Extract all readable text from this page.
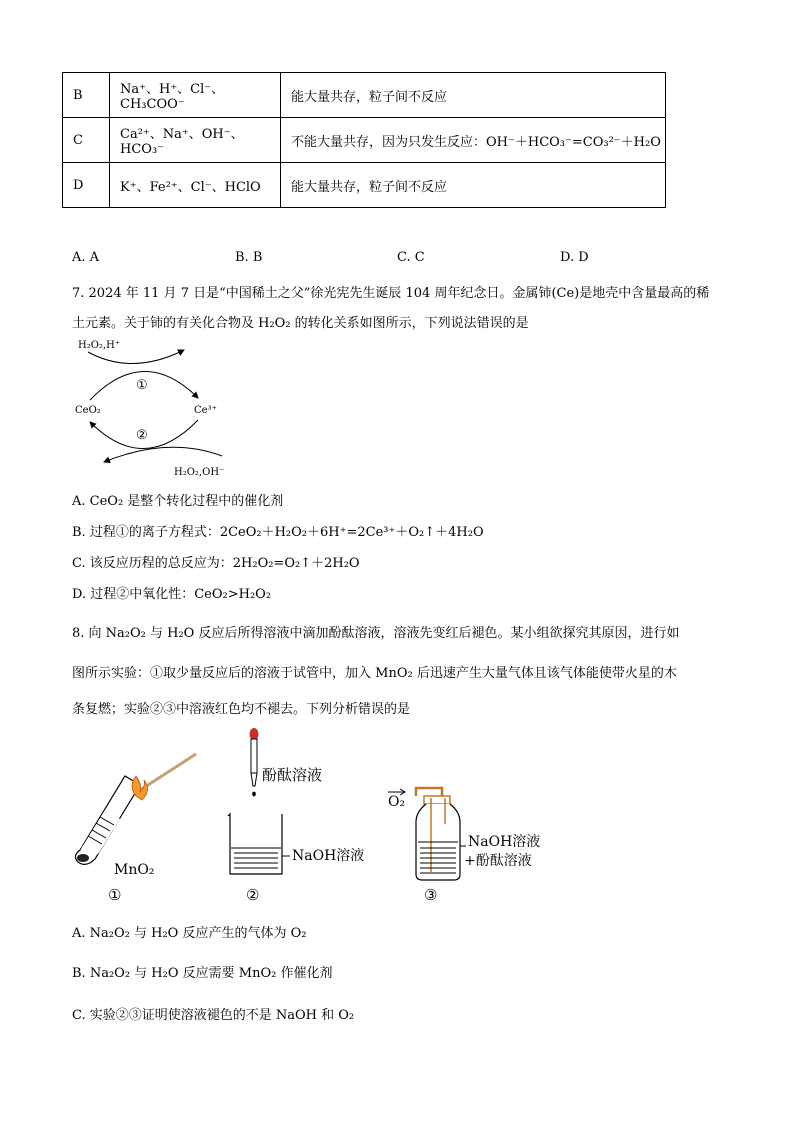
B	Na⁺、H⁺、Cl⁻、CH₃COO⁻	能大量共存，粒子间不反应
C	Ca²⁺、Na⁺、OH⁻、HCO₃⁻	不能大量共存，因为只发生反应：OH⁻＋HCO₃⁻=CO₃²⁻＋H₂O
D	K⁺、Fe²⁺、Cl⁻、HClO	能大量共存，粒子间不反应
A. A	B. B	C. C	D. D
7. 2024 年 11 月 7 日是“中国稀土之父”徐光宪先生诞辰 104 周年纪念日。金属铈(Ce)是地壳中含量最高的稀
土元素。关于铈的有关化合物及 H₂O₂ 的转化关系如图所示，下列说法错误的是
H₂O₂,H⁺
H₂O₂,OH⁻
CeO₂	Ce³⁺
①
②
A. CeO₂ 是整个转化过程中的催化剂
B. 过程①的离子方程式：2CeO₂＋H₂O₂＋6H⁺=2Ce³⁺＋O₂↑＋4H₂O
C. 该反应历程的总反应为：2H₂O₂=O₂↑＋2H₂O
D. 过程②中氧化性：CeO₂>H₂O₂
8. 向 Na₂O₂ 与 H₂O 反应后所得溶液中滴加酚酞溶液，溶液先变红后褪色。某小组欲探究其原因，进行如
图所示实验：①取少量反应后的溶液于试管中，加入 MnO₂ 后迅速产生大量气体且该气体能使带火星的木
条复燃；实验②③中溶液红色均不褪去。下列分析错误的是
MnO₂
①
酚酞溶液
NaOH溶液
②
O₂
NaOH溶液
+酚酞溶液
③
A. Na₂O₂ 与 H₂O 反应产生的气体为 O₂
B. Na₂O₂ 与 H₂O 反应需要 MnO₂ 作催化剂
C. 实验②③证明使溶液褪色的不是 NaOH 和 O₂
